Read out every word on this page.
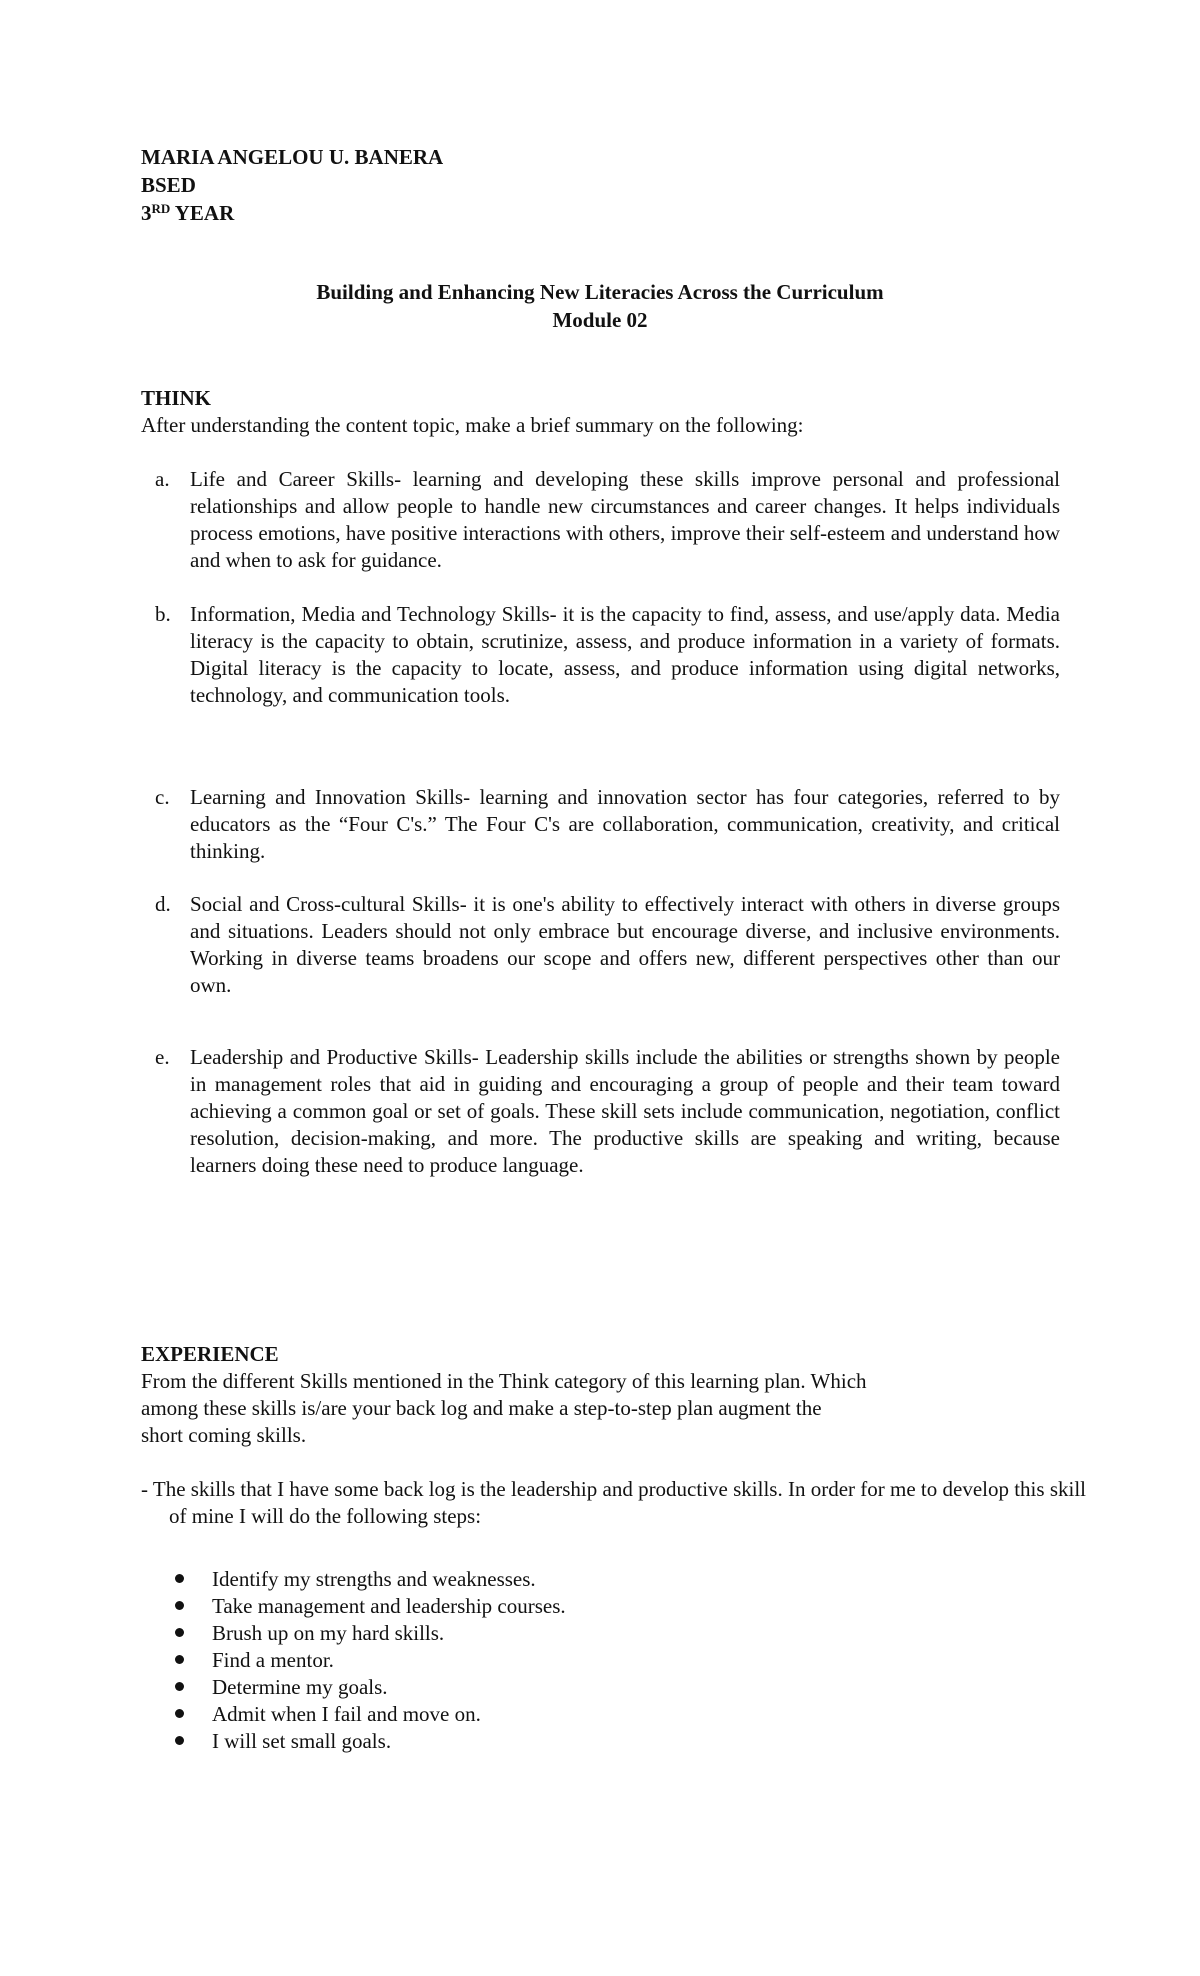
MARIA ANGELOU U. BANERA
BSED
3RD YEAR
Building and Enhancing New Literacies Across the Curriculum
Module 02
THINK
After understanding the content topic, make a brief summary on the following:
a. Life and Career Skills- learning and developing these skills improve personal and professional relationships and allow people to handle new circumstances and career changes. It helps individuals process emotions, have positive interactions with others, improve their self-esteem and understand how and when to ask for guidance.
b. Information, Media and Technology Skills- it is the capacity to find, assess, and use/apply data. Media literacy is the capacity to obtain, scrutinize, assess, and produce information in a variety of formats. Digital literacy is the capacity to locate, assess, and produce information using digital networks, technology, and communication tools.
c. Learning and Innovation Skills- learning and innovation sector has four categories, referred to by educators as the “Four C's.” The Four C's are collaboration, communication, creativity, and critical thinking.
d. Social and Cross-cultural Skills- it is one's ability to effectively interact with others in diverse groups and situations. Leaders should not only embrace but encourage diverse, and inclusive environments. Working in diverse teams broadens our scope and offers new, different perspectives other than our own.
e. Leadership and Productive Skills- Leadership skills include the abilities or strengths shown by people in management roles that aid in guiding and encouraging a group of people and their team toward achieving a common goal or set of goals. These skill sets include communication, negotiation, conflict resolution, decision-making, and more. The productive skills are speaking and writing, because learners doing these need to produce language.
EXPERIENCE
From the different Skills mentioned in the Think category of this learning plan. Which
among these skills is/are your back log and make a step-to-step plan augment the
short coming skills.
- The skills that I have some back log is the leadership and productive skills. In order for me to develop this skill of mine I will do the following steps:
Identify my strengths and weaknesses.
Take management and leadership courses.
Brush up on my hard skills.
Find a mentor.
Determine my goals.
Admit when I fail and move on.
I will set small goals.
